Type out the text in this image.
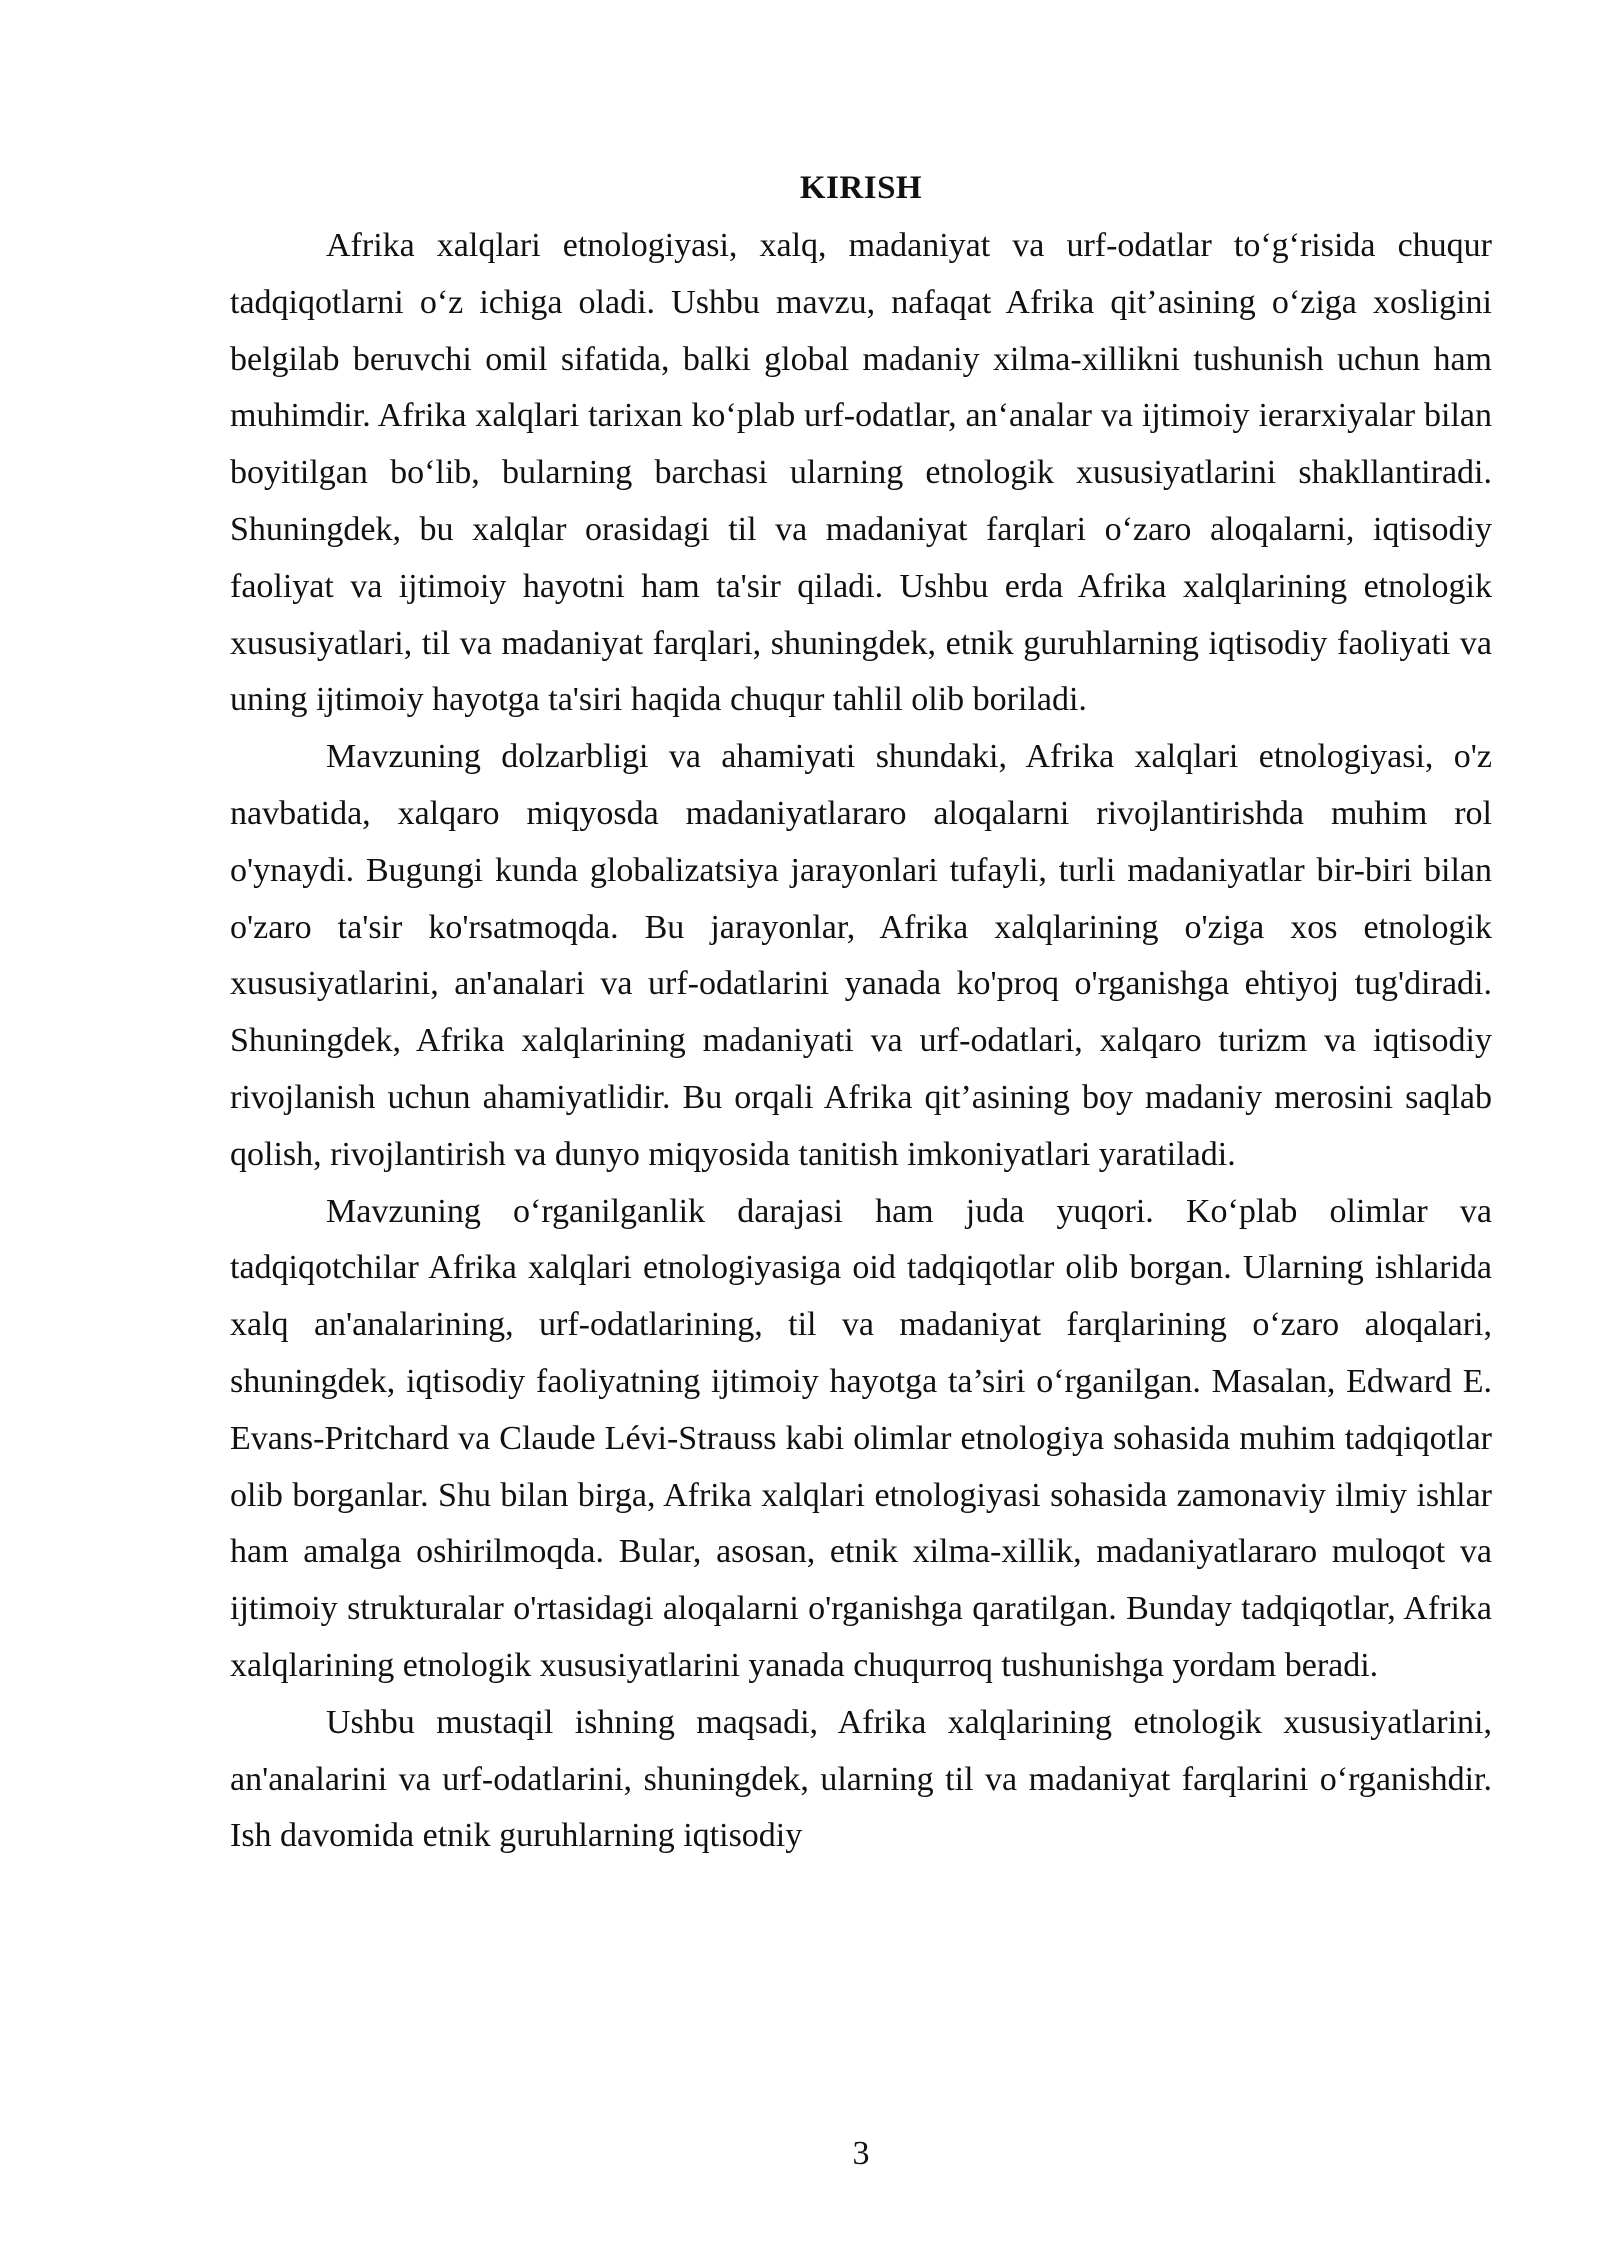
KIRISH

Afrika xalqlari etnologiyasi, xalq, madaniyat va urf-odatlar to‘g‘risida chuqur tadqiqotlarni o‘z ichiga oladi. Ushbu mavzu, nafaqat Afrika qit’asining o‘ziga xosligini belgilab beruvchi omil sifatida, balki global madaniy xilma-xillikni tushunish uchun ham muhimdir. Afrika xalqlari tarixan ko‘plab urf-odatlar, an‘analar va ijtimoiy ierarxiyalar bilan boyitilgan bo‘lib, bularning barchasi ularning etnologik xususiyatlarini shakllantiradi. Shuningdek, bu xalqlar orasidagi til va madaniyat farqlari o‘zaro aloqalarni, iqtisodiy faoliyat va ijtimoiy hayotni ham ta'sir qiladi. Ushbu erda Afrika xalqlarining etnologik xususiyatlari, til va madaniyat farqlari, shuningdek, etnik guruhlarning iqtisodiy faoliyati va uning ijtimoiy hayotga ta'siri haqida chuqur tahlil olib boriladi.

Mavzuning dolzarbligi va ahamiyati shundaki, Afrika xalqlari etnologiyasi, o'z navbatida, xalqaro miqyosda madaniyatlararo aloqalarni rivojlantirishda muhim rol o'ynaydi. Bugungi kunda globalizatsiya jarayonlari tufayli, turli madaniyatlar bir-biri bilan o'zaro ta'sir ko'rsatmoqda. Bu jarayonlar, Afrika xalqlarining o'ziga xos etnologik xususiyatlarini, an'analari va urf-odatlarini yanada ko'proq o'rganishga ehtiyoj tug'diradi. Shuningdek, Afrika xalqlarining madaniyati va urf-odatlari, xalqaro turizm va iqtisodiy rivojlanish uchun ahamiyatlidir. Bu orqali Afrika qit’asining boy madaniy merosini saqlab qolish, rivojlantirish va dunyo miqyosida tanitish imkoniyatlari yaratiladi.

Mavzuning o‘rganilganlik darajasi ham juda yuqori. Ko‘plab olimlar va tadqiqotchilar Afrika xalqlari etnologiyasiga oid tadqiqotlar olib borgan. Ularning ishlarida xalq an'analarining, urf-odatlarining, til va madaniyat farqlarining o‘zaro aloqalari, shuningdek, iqtisodiy faoliyatning ijtimoiy hayotga ta’siri o‘rganilgan. Masalan, Edward E. Evans-Pritchard va Claude Lévi-Strauss kabi olimlar etnologiya sohasida muhim tadqiqotlar olib borganlar. Shu bilan birga, Afrika xalqlari etnologiyasi sohasida zamonaviy ilmiy ishlar ham amalga oshirilmoqda. Bular, asosan, etnik xilma-xillik, madaniyatlararo muloqot va ijtimoiy strukturalar o'rtasidagi aloqalarni o'rganishga qaratilgan. Bunday tadqiqotlar, Afrika xalqlarining etnologik xususiyatlarini yanada chuqurroq tushunishga yordam beradi.

Ushbu mustaqil ishning maqsadi, Afrika xalqlarining etnologik xususiyatlarini, an'analarini va urf-odatlarini, shuningdek, ularning til va madaniyat farqlarini o‘rganishdir. Ish davomida etnik guruhlarning iqtisodiy

3
